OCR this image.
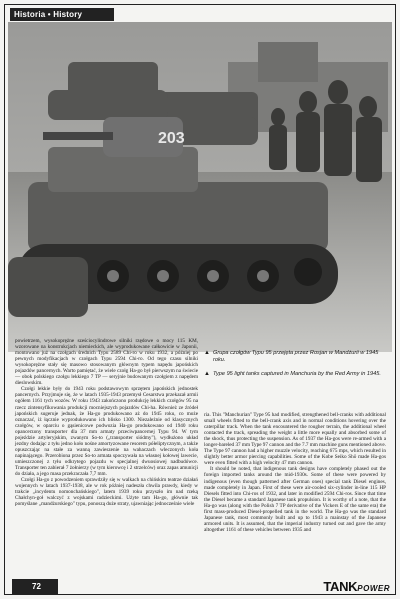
Historia • History
203

powietrzem, wysokoprężne sześciocylindrowe silniki rzędowe o mocy 115 KM, wzorowane na konstrukcjach niemieckich, ale wyprodukowane całkowicie w Japonii, montowano już na czołgach średnich Typu 2589 Chi-ro w roku 1932, a później po pewnych modyfikacjach w czołgach Typu 2594 Chi-ro. Od tego czasu silniki wysokoprężne stały się masowo stosowanym głównym typem napędu japońskich pojazdów pancernych. Warto pamiętać, że wiele czołg Ha-go był pierwszym na świecie — obok polskiego czołgu lekkiego 7 TP — seryjnie budowanym czołgiem z napędem dieslowskim.

Czołgi lekkie były do 1943 roku podstawowym sprzętem japońskich jednostek pancernych. Przyjmuje się, że w latach 1935-1943 przemysł Cesarstwa przekazał armii ogółem 1161 tych wozów. W roku 1943 zakończono produkcję lekkich czołgów 95 na rzecz zintensyfikowania produkcji mocniejszych pojazdów Chi-ha. Również ze źródeł japońskich sugeruje jednak, że Ha-go produkowano aż do 1945 roku, co może oznaczać, iż łącznie wyprodukowano ich blisko 1300. Niezależnie od klasycznych czołgów, w oparciu o gąsienicowe podwozia Ha-go produkowano od 1940 roku opancerzony transporter dla 37 mm armaty przeciwpancernej Typu 94. W tym pojeździe artyleryjskim, zwanym So-to („transporter siódmy"), wydłużono układ jezdny dodając z tyłu jedno koło nośne amortyzowane resorem półeliptycznym, a także opuszczając na stałe za wanną zawieszenie na wahaczach wleczonych koła napinającego. Przerobiona przez So-to armata spoczywała na własnej kołowej lawecie, umieszczonej z tyłu odkrytego pojazdu w specjalnej dwuosiowej nadbudówce. Transporter ten zabierał 7 żołnierzy (w tym kierowcę i 2 strzelców) oraz zapas amunicji do działa, a jego masa przekraczała 7,7 mm.

Czołgi Ha-go z powodzeniem sprawdziły się w walkach na chińskim teatrze działań wojennych w latach 1937-1938, ale w rok później nadeszła chwila prawdy, kiedy w trakcie „incydentu nomonchańskiego", latem 1939 roku przyszło im nad rzeką Chałchyn-goł walczyć z wojskami radzieckimi. Użyte tam Ha-go, głównie tak pomyślane „mandżurskiego" typu, ponoszą duże straty, ujawniając jednocześnie wiele

▲ Grupa czołgów Typu 95 przejęta przez Rosjan w Mandżurii w 1945 roku.
▲ Type 95 light tanks captured in Manchuria by the Red Army in 1945.

ria. This "Manchurian" Type 95 had modified, strengthened bell-cranks with additional small wheels fitted to the bell-crank axis and in normal conditions hovering over the caterpillar track. When the tank encountered the rougher terrain, the additional wheel contacted the track, spreading the weight a little more equally and absorbed some of the shock, thus protecting the suspension. As of 1937 the Ha-gos were re-armed with a longer-bareled 37 mm Type 97 cannon and the 7.7 mm machine guns mentioned above. The Type 97 cannon had a higher muzzle velocity, reaching 675 mps, which resulted in slightly better armor piercing capabilities. Some of the Kobe Seiko Shō made Ha-gos were even fitted with a high velocity 47 mm cannon.

It should be noted, that indigenous tank designs have completely phased out the foreign imported tanks around the mid-1930s. Some of these were powered by indigenous (even though patterned after German ones) special tank Diesel engines, made completely in Japan. First of these were air-cooled six-cylinder in-line 115 HP Diesels fitted into Chi-ros of 1932, and later in modified 2594 Chi-ros. Since that time the Diesel became a standard Japanese tank propulsion. It is worthy of a note, that the Ha-go was (along with the Polish 7 TP derivative of the Vickers E of the same era) the first mass-produced Diesel-propelled tank in the world. The Ha-go was the standard Japanese tank, most commonly built and up to 1943 a mainstay of the Japanese armored units. It is assumed, that the imperial industry turned out and gave the army altogether 1161 of these vehicles between 1935 and

72	TANKPOWER
